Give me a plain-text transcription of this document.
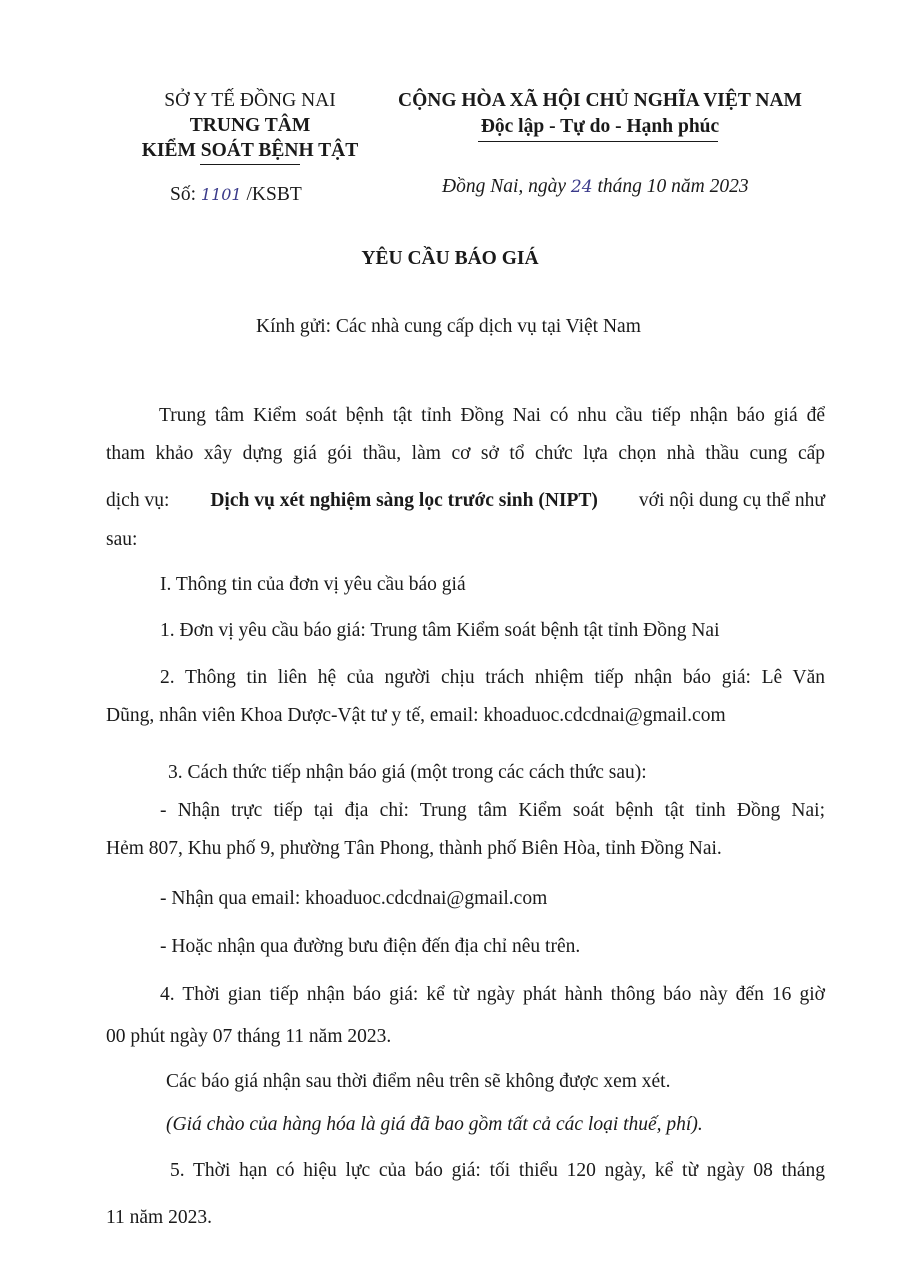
SỞ Y TẾ ĐỒNG NAI
TRUNG TÂM
KIỂM SOÁT BỆNH TẬT
Số: 1101 /KSBT
CỘNG HÒA XÃ HỘI CHỦ NGHĨA VIỆT NAM
Độc lập - Tự do - Hạnh phúc
Đồng Nai, ngày 24 tháng 10 năm 2023
YÊU CẦU BÁO GIÁ
Kính gửi: Các nhà cung cấp dịch vụ tại Việt Nam
Trung tâm Kiểm soát bệnh tật tỉnh Đồng Nai có nhu cầu tiếp nhận báo giá để
tham khảo xây dựng giá gói thầu, làm cơ sở tổ chức lựa chọn nhà thầu cung cấp
dịch vụ: Dịch vụ xét nghiệm sàng lọc trước sinh (NIPT) với nội dung cụ thể như
sau:
I. Thông tin của đơn vị yêu cầu báo giá
1. Đơn vị yêu cầu báo giá: Trung tâm Kiểm soát bệnh tật tỉnh Đồng Nai
2. Thông tin liên hệ của người chịu trách nhiệm tiếp nhận báo giá: Lê Văn
Dũng, nhân viên Khoa Dược-Vật tư y tế, email: khoaduoc.cdcdnai@gmail.com
3. Cách thức tiếp nhận báo giá (một trong các cách thức sau):
- Nhận trực tiếp tại địa chỉ: Trung tâm Kiểm soát bệnh tật tỉnh Đồng Nai;
Hẻm 807, Khu phố 9, phường Tân Phong, thành phố Biên Hòa, tỉnh Đồng Nai.
- Nhận qua email: khoaduoc.cdcdnai@gmail.com
- Hoặc nhận qua đường bưu điện đến địa chỉ nêu trên.
4. Thời gian tiếp nhận báo giá: kể từ ngày phát hành thông báo này đến 16 giờ
00 phút ngày 07 tháng 11 năm 2023.
Các báo giá nhận sau thời điểm nêu trên sẽ không được xem xét.
(Giá chào của hàng hóa là giá đã bao gồm tất cả các loại thuế, phí).
5. Thời hạn có hiệu lực của báo giá: tối thiểu 120 ngày, kể từ ngày 08 tháng
11 năm 2023.
